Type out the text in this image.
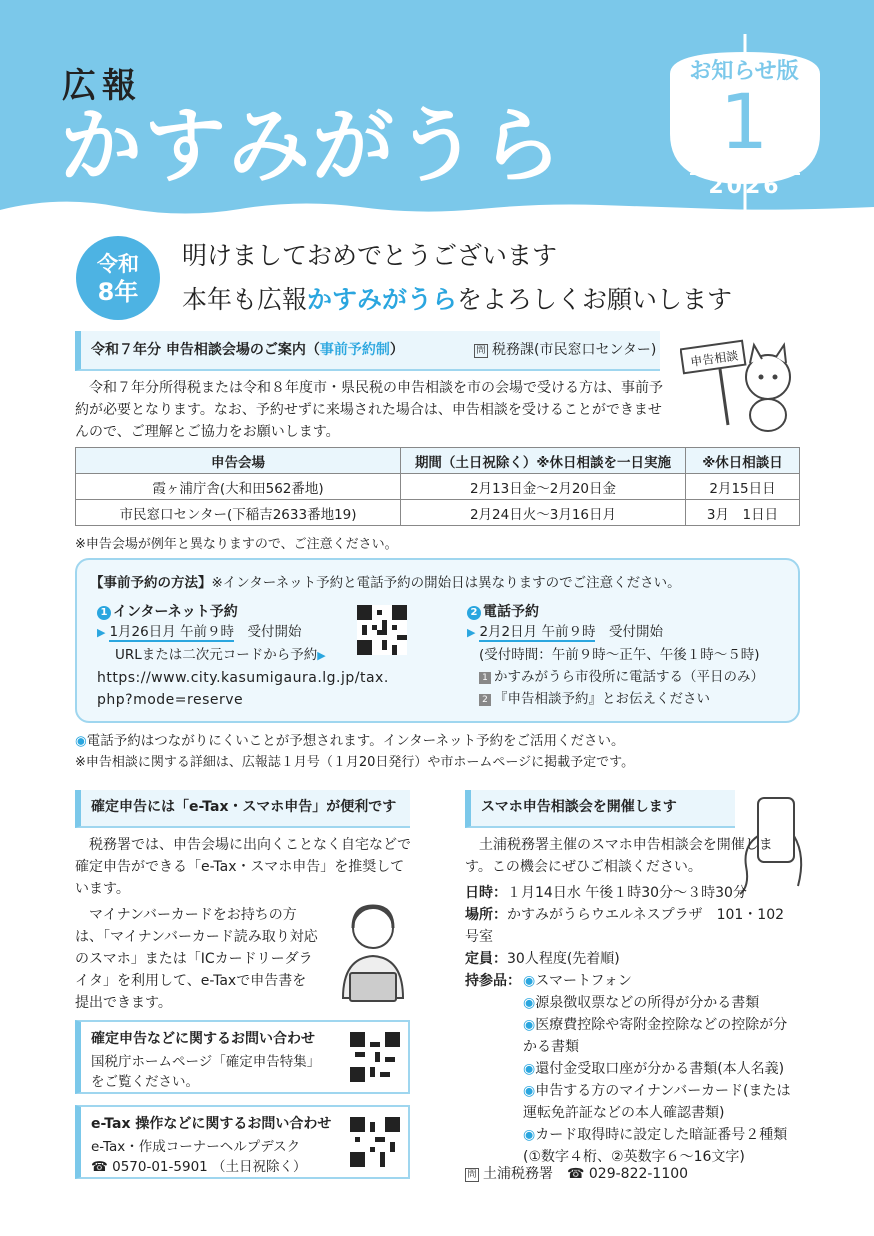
広報
かすみがうら
お知らせ版
1
2026
令和
8年
明けましておめでとうございます
本年も広報かすみがうらをよろしくお願いします
令和７年分 申告相談会場のご案内（事前予約制）	問 税務課(市民窓口センター)	申告相談
令和７年分所得税または令和８年度市・県民税の申告相談を市の会場で受ける方は、事前予約が必要となります。なお、予約せずに来場された場合は、申告相談を受けることができませんので、ご理解とご協力をお願いします。
申告会場	期間（土日祝除く）※休日相談を一日実施	※休日相談日
霞ヶ浦庁舎(大和田562番地)	2月13日金～2月20日金	2月15日日
市民窓口センター(下稲吉2633番地19)	2月24日火～3月16日月	3月　1日日
※申告会場が例年と異なりますので、ご注意ください。
【事前予約の方法】※インターネット予約と電話予約の開始日は異なりますのでご注意ください。
1 インターネット予約
▶ 1月26日月 午前９時　 受付開始
URLまたは二次元コードから予約▶
https://www.city.kasumigaura.lg.jp/tax.
php?mode=reserve
2 電話予約
▶ 2月2日月 午前９時　 受付開始
(受付時間：午前９時～正午、午後１時～５時)
1 かすみがうら市役所に電話する（平日のみ）
2 『申告相談予約』とお伝えください
◉電話予約はつながりにくいことが予想されます。インターネット予約をご活用ください。
※申告相談に関する詳細は、広報誌１月号（１月20日発行）や市ホームページに掲載予定です。
確定申告には「e-Tax・スマホ申告」が便利です
税務署では、申告会場に出向くことなく自宅などで確定申告ができる「e-Tax・スマホ申告」を推奨しています。
マイナンバーカードをお持ちの方は、「マイナンバーカード読み取り対応のスマホ」または「ICカードリーダライタ」を利用して、e-Taxで申告書を提出できます。
確定申告などに関するお問い合わせ
国税庁ホームページ「確定申告特集」
をご覧ください。
e-Tax 操作などに関するお問い合わせ
e-Tax・作成コーナーヘルプデスク
☎ 0570-01-5901 （土日祝除く）
スマホ申告相談会を開催します
土浦税務署主催のスマホ申告相談会を開催します。この機会にぜひご相談ください。
日時：１月14日水 午後１時30分～３時30分
場所：かすみがうらウエルネスプラザ　101・102号室
定員：30人程度(先着順)
持参品： ◉スマートフォン
◉源泉徴収票などの所得が分かる書類
◉医療費控除や寄附金控除などの控除が分かる書類
◉還付金受取口座が分かる書類(本人名義)
◉申告する方のマイナンバーカード(または運転免許証などの本人確認書類)
◉カード取得時に設定した暗証番号２種類(①数字４桁、②英数字６～16文字)
問 土浦税務署　☎ 029-822-1100
